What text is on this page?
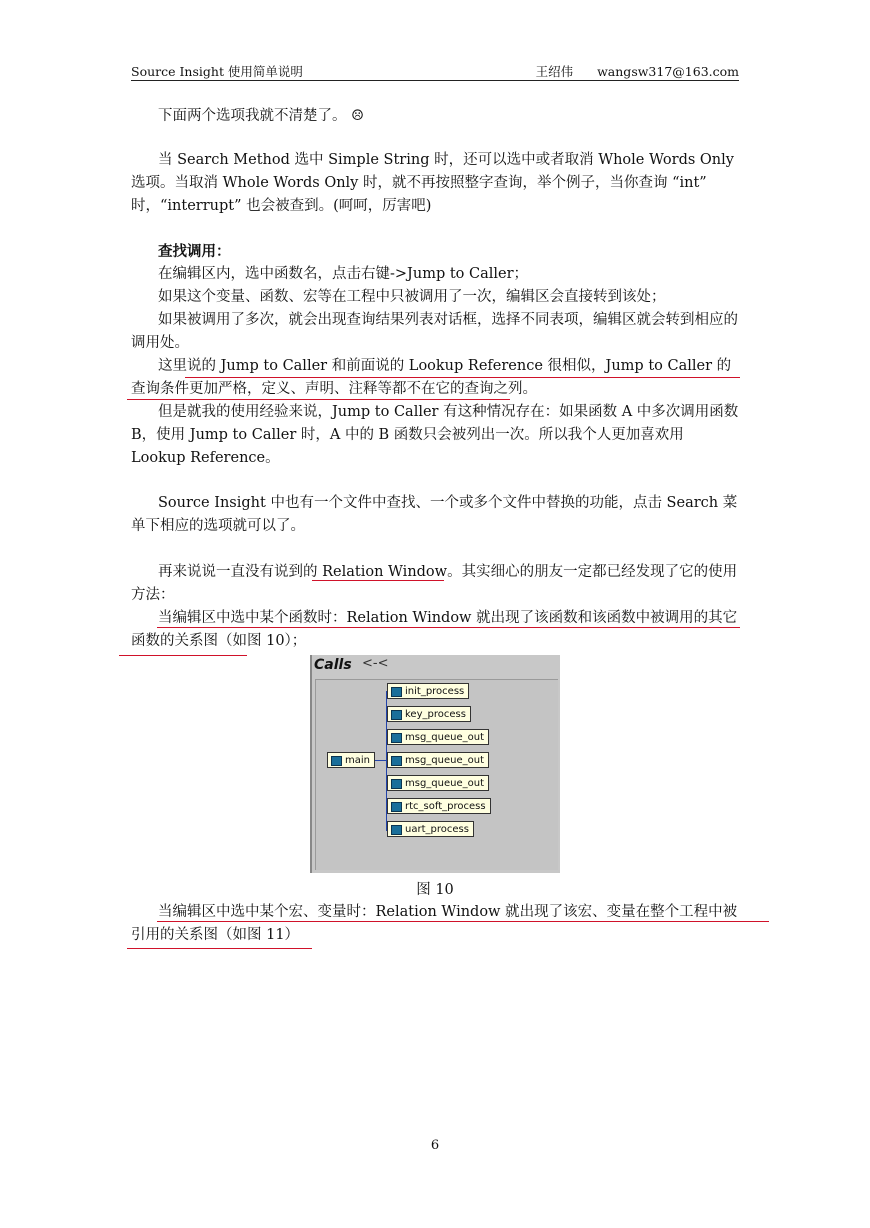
Source Insight 使用简单说明	王绍伟 wangsw317@163.com
下面两个选项我就不清楚了。 ☹
当 Search Method 选中 Simple String 时，还可以选中或者取消 Whole Words Only 选项。当取消 Whole Words Only 时，就不再按照整字查询，举个例子，当你查询 “int” 时，“interrupt” 也会被查到。(呵呵，厉害吧)
查找调用：
在编辑区内，选中函数名，点击右键->Jump to Caller；
如果这个变量、函数、宏等在工程中只被调用了一次，编辑区会直接转到该处；
如果被调用了多次，就会出现查询结果列表对话框，选择不同表项，编辑区就会转到相应的调用处。
这里说的 Jump to Caller 和前面说的 Lookup Reference 很相似，Jump to Caller 的查询条件更加严格，定义、声明、注释等都不在它的查询之列。
但是就我的使用经验来说，Jump to Caller 有这种情况存在：如果函数 A 中多次调用函数 B，使用 Jump to Caller 时，A 中的 B 函数只会被列出一次。所以我个人更加喜欢用 Lookup Reference。
Source Insight 中也有一个文件中查找、一个或多个文件中替换的功能，点击 Search 菜单下相应的选项就可以了。
再来说说一直没有说到的 Relation Window。其实细心的朋友一定都已经发现了它的使用方法：
当编辑区中选中某个函数时：Relation Window 就出现了该函数和该函数中被调用的其它函数的关系图（如图 10）；
Calls <-<
main
init_process
key_process
msg_queue_out
msg_queue_out
msg_queue_out
rtc_soft_process
uart_process
图 10
当编辑区中选中某个宏、变量时：Relation Window 就出现了该宏、变量在整个工程中被引用的关系图（如图 11）
6
